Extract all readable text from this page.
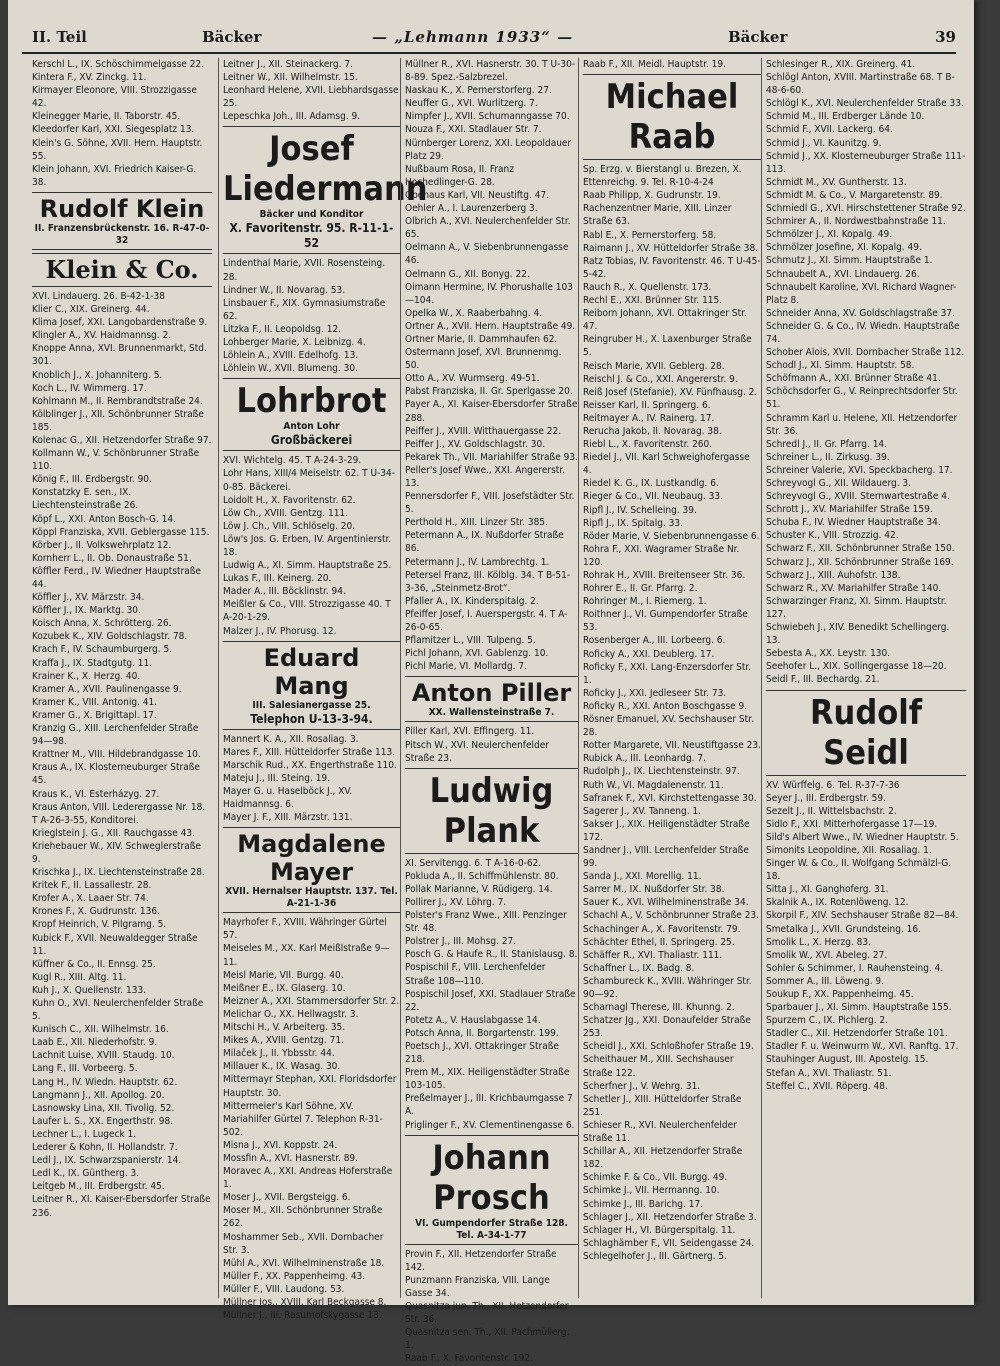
II. Teil	Bäcker	— „Lehmann 1933“ —	Bäcker	39
Kerschl L., IX. Schöschimmelgasse 22.
Kintera F., XV. Zinckg. 11.
Kirmayer Eleonore, VIII. Strozzigasse 42.
Kleinegger Marie, II. Taborstr. 45.
Kleedorfer Karl, XXI. Siegesplatz 13.
Klein's G. Söhne, XVII. Hern. Hauptstr. 55.
Klein Johann, XVI. Friedrich Kaiser-G. 38.
Rudolf Klein
II. Franzensbrückenstr. 16. R-47-0-32
Klein & Co.
XVI. Lindauerg. 26. B-42-1-38
Klier C., XIX. Greinerg. 44.
Klima Josef, XXI. Langobardenstraße 9.
Klingler A., XV. Haidmannsg. 2.
Knoppe Anna, XVI. Brunnenmarkt, Std. 301.
Knoblich J., X. Johanniterg. 5.
Koch L., IV. Wimmerg. 17.
Kohlmann M., II. Rembrandtstraße 24.
Kölblinger J., XII. Schönbrunner Straße 185.
Kolenac G., XII. Hetzendorfer Straße 97.
Kollmann W., V. Schönbrunner Straße 110.
König F., III. Erdbergstr. 90.
Konstatzky E. sen., IX. Liechtensteinstraße 26.
Köpf L., XXI. Anton Bosch-G. 14.
Köppl Franziska, XVII. Geblergasse 115.
Körber J., II. Volkswehrplatz 12.
Kornherr L., II. Ob. Donaustraße 51.
Köffler Ferd., IV. Wiedner Hauptstraße 44.
Köffler J., XV. Märzstr. 34.
Köffler J., IX. Marktg. 30.
Koisch Anna, X. Schrötterg. 26.
Kozubek K., XIV. Goldschlagstr. 78.
Krach F., IV. Schaumburgerg. 5.
Kraffa J., IX. Stadtgutg. 11.
Krainer K., X. Herzg. 40.
Kramer A., XVII. Paulinengasse 9.
Kramer K., VIII. Antonig. 41.
Kramer G., X. Brigittapl. 17.
Kranzig G., XIII. Lerchenfelder Straße 94—98.
Krattner M., VIII. Hildebrandgasse 10.
Kraus A., IX. Klosterneuburger Straße 45.
Kraus K., VI. Esterházyg. 27.
Kraus Anton, VIII. Lederergasse Nr. 18. T A-26-3-55, Konditorei.
Krieglstein J. G., XII. Rauchgasse 43.
Kriehebauer W., XIV. Schweglerstraße 9.
Krischka J., IX. Liechtensteinstraße 28.
Kritek F., II. Lassallestr. 28.
Krofer A., X. Laaer Str. 74.
Krones F., X. Gudrunstr. 136.
Kropf Heinrich, V. Pilgramg. 5.
Kubick F., XVII. Neuwaldegger Straße 11.
Küffner & Co., II. Ennsg. 25.
Kugl R., XIII. Altg. 11.
Kuh J., X. Quellenstr. 133.
Kuhn O., XVI. Neulerchenfelder Straße 5.
Kunisch C., XII. Wilhelmstr. 16.
Laab E., XII. Niederhofstr. 9.
Lachnit Luise, XVIII. Staudg. 10.
Lang F., III. Vorbeerg. 5.
Lang H., IV. Wiedn. Hauptstr. 62.
Langmann J., XII. Apollog. 20.
Lasnowsky Lina, XII. Tivolig. 52.
Laufer L. S., XX. Engerthstr. 98.
Lechner L., I. Lugeck 1.
Lederer & Kohn, II. Hollandstr. 7.
Ledl J., IX. Schwarzspanierstr. 14.
Ledl K., IX. Güntherg. 3.
Leitgeb M., III. Erdbergstr. 45.
Leitner R., XI. Kaiser-Ebersdorfer Straße 236.
Leitner J., XII. Steinackerg. 7.
Leitner W., XII. Wilhelmstr. 15.
Leonhard Helene, XVII. Liebhardsgasse 25.
Lepeschka Joh., III. Adamsg. 9.
Josef Liedermann
Bäcker und Konditor
X. Favoritenstr. 95. R-11-1-52
Lindenthal Marie, XVII. Rosensteing. 28.
Lindner W., II. Novarag. 53.
Linsbauer F., XIX. Gymnasiumstraße 62.
Litzka F., II. Leopoldsg. 12.
Lohberger Marie, X. Leibnizg. 4.
Löhlein A., XVIII. Edelhofg. 13.
Löhlein W., XVII. Blumeng. 30.
Lohrbrot
Anton Lohr
Großbäckerei
XVI. Wichtelg. 45. T A-24-3-29.
Lohr Hans, XIII/4 Meiselstr. 62. T U-34-0-85. Bäckerei.
Loidolt H., X. Favoritenstr. 62.
Löw Ch., XVIII. Gentzg. 111.
Löw J. Ch., VIII. Schlöselg. 20.
Löw's Jos. G. Erben, IV. Argentinierstr. 18.
Ludwig A., XI. Simm. Hauptstraße 25.
Lukas F., III. Keinerg. 20.
Mader A., III. Böcklinstr. 94.
Meißler & Co., VIII. Strozzigasse 40. T A-20-1-29.
Malzer J., IV. Phorusg. 12.
Eduard Mang
III. Salesianergasse 25.
Telephon U-13-3-94.
Mannert K. A., XII. Rosaliag. 3.
Mares F., XIII. Hütteldorfer Straße 113.
Marschik Rud., XX. Engerthstraße 110.
Mateju J., III. Steing. 19.
Mayer G. u. Haselböck J., XV. Haidmannsg. 6.
Mayer J. F., XIII. Märzstr. 131.
Magdalene Mayer
XVII. Hernalser Hauptstr. 137. Tel. A-21-1-36
Mayrhofer F., XVIII. Währinger Gürtel 57.
Meiseles M., XX. Karl Meißlstraße 9—11.
Meisl Marie, VII. Burgg. 40.
Meißner E., IX. Glaserg. 10.
Meizner A., XXI. Stammersdorfer Str. 2.
Melichar O., XX. Hellwagstr. 3.
Mitschi H., V. Arbeiterg. 35.
Mikes A., XVIII. Gentzg. 71.
Milaček J., II. Ybbsstr. 44.
Millauer K., IX. Wasag. 30.
Mittermayr Stephan, XXI. Floridsdorfer Hauptstr. 30.
Mittermeier's Karl Söhne, XV. Mariahilfer Gürtel 7. Telephon R-31-502.
Misna J., XVI. Koppstr. 24.
Mossfin A., XVI. Hasnerstr. 89.
Moravec A., XXI. Andreas Hoferstraße 1.
Moser J., XVII. Bergsteigg. 6.
Moser M., XII. Schönbrunner Straße 262.
Moshammer Seb., XVII. Dornbacher Str. 3.
Mühl A., XVI. Wilhelminenstraße 18.
Müller F., XX. Pappenheimg. 43.
Müller F., VIII. Laudong. 53.
Müllner Jos., XVIII. Karl Beckgasse 8.
Müllner J., III. Rasumofskygasse 13.
Müllner R., XVI. Hasnerstr. 30. T U-30-8-89. Spez.-Salzbrezel.
Naskau K., X. Pernerstorferg. 27.
Neuffer G., XVI. Wurlitzerg. 7.
Nimpfer J., XVII. Schumanngasse 70.
Nouza F., XXI. Stadlauer Str. 7.
Nürnberger Lorenz, XXI. Leopoldauer Platz 29.
Nußbaum Rosa, II. Franz Hochedlinger-G. 28.
Obenaus Karl, VII. Neustiftg. 47.
Oehler A., I. Laurenzerberg 3.
Olbrich A., XVI. Neulerchenfelder Str. 65.
Oelmann A., V. Siebenbrunnengasse 46.
Oelmann G., XII. Bonyg. 22.
Oimann Hermine, IV. Phorushalle 103—104.
Opelka W., X. Raaberbahng. 4.
Ortner A., XVII. Hern. Hauptstraße 49.
Ortner Marie, II. Dammhaufen 62.
Ostermann Josef, XVI. Brunnenmg. 50.
Otto A., XV. Wurmserg. 49-51.
Pabst Franziska, II. Gr. Sperlgasse 20.
Payer A., XI. Kaiser-Ebersdorfer Straße 288.
Peiffer J., XVIII. Witthauergasse 22.
Peiffer J., XV. Goldschlagstr. 30.
Pekarek Th., VII. Mariahilfer Straße 93.
Peller's Josef Wwe., XXI. Angererstr. 13.
Pennersdorfer F., VIII. Josefstädter Str. 5.
Perthold H., XIII. Linzer Str. 385.
Petermann A., IX. Nußdorfer Straße 86.
Petermann J., IV. Lambrechtg. 1.
Petersel Franz, III. Kölblg. 34. T B-51-3-36, „Steinmetz-Brot“.
Pfaller A., IX. Kinderspitalg. 2.
Pfeiffer Josef, I. Auerspergstr. 4. T A-26-0-65.
Pflamitzer L., VIII. Tulpeng. 5.
Pichl Johann, XVI. Gablenzg. 10.
Pichl Marie, VI. Mollardg. 7.
Anton Piller
XX. Wallensteinstraße 7.
Piller Karl, XVI. Effingerg. 11.
Pitsch W., XVI. Neulerchenfelder Straße 23.
Ludwig Plank
XI. Servitengg. 6. T A-16-0-62.
Pokluda A., II. Schiffmühlenstr. 80.
Pollak Marianne, V. Rüdigerg. 14.
Pollirer J., XV. Löhrg. 7.
Polster's Franz Wwe., XIII. Penzinger Str. 48.
Polstrer J., III. Mohsg. 27.
Posch G. & Haufe R., II. Stanislausg. 8.
Pospischil F., VIII. Lerchenfelder Straße 108—110.
Pospischil Josef, XXI. Stadlauer Straße 22.
Potetz A., V. Hauslabgasse 14.
Potsch Anna, II. Borgartenstr. 199.
Poetsch J., XVI. Ottakringer Straße 218.
Prem M., XIX. Heiligenstädter Straße 103-105.
Preßelmayer J., III. Krichbaumgasse 7 A.
Priglinger F., XV. Clementinengasse 6.
Johann Prosch
VI. Gumpendorfer Straße 128. Tel. A-34-1-77
Provin F., XII. Hetzendorfer Straße 142.
Punzmann Franziska, VIII. Lange Gasse 34.
Quasnitza jun. Th., XII. Hetzendorfer Str. 36.
Quasnitza sen. Th., XII. Pachmüllerg. 1.
Raab F., X. Favoritenstr. 192.
Raab F., XII. Meidl. Hauptstr. 19.
Michael Raab
Sp. Erzg. v. Bierstangl u. Brezen, X. Ettenreichg. 9. Tel. R-10-4-24
Raab Philipp, X. Gudrunstr. 19.
Rachenzentner Marie, XIII. Linzer Straße 63.
Rabl E., X. Pernerstorferg. 58.
Raimann J., XV. Hütteldorfer Straße 38.
Ratz Tobias, IV. Favoritenstr. 46. T U-45-5-42.
Rauch R., X. Quellenstr. 173.
Rechl E., XXI. Brünner Str. 115.
Reiborn Johann, XVI. Ottakringer Str. 47.
Reingruber H., X. Laxenburger Straße 5.
Reisch Marie, XVII. Geblerg. 28.
Reischl J. & Co., XXI. Angererstr. 9.
Reiß Josef (Stefanie), XV. Fünfhausg. 2.
Reisser Karl, II. Springerg. 6.
Reitmayer A., IV. Rainerg. 17.
Rerucha Jakob, II. Novarag. 38.
Riebl L., X. Favoritenstr. 260.
Riedel J., VII. Karl Schweighofergasse 4.
Riedel K. G., IX. Lustkandlg. 6.
Rieger & Co., VII. Neubaug. 33.
Ripfl J., IV. Schelleing. 39.
Ripfl J., IX. Spitalg. 33.
Röder Marie, V. Siebenbrunnengasse 6.
Rohra F., XXI. Wagramer Straße Nr. 120.
Rohrak H., XVIII. Breitenseer Str. 36.
Rohrer E., II. Gr. Pfarrg. 2.
Rohringer M., I. Riemerg. 1.
Roithner J., VI. Gumpendorfer Straße 53.
Rosenberger A., III. Lorbeerg. 6.
Roficky A., XXI. Deublerg. 17.
Roficky F., XXI. Lang-Enzersdorfer Str. 1.
Roficky J., XXI. Jedleseer Str. 73.
Roficky R., XXI. Anton Boschgasse 9.
Rösner Emanuel, XV. Sechshauser Str. 28.
Rotter Margarete, VII. Neustiftgasse 23.
Rubick A., III. Leonhardg. 7.
Rudolph J., IX. Liechtensteinstr. 97.
Ruth W., VI. Magdalenenstr. 11.
Safranek F., XVI. Kirchstettengasse 30.
Sagerer J., XV. Tanneng. 1.
Sakser J., XIX. Heiligenstädter Straße 172.
Sandner J., VIII. Lerchenfelder Straße 99.
Sanda J., XXI. Morellig. 11.
Sarrer M., IX. Nußdorfer Str. 38.
Sauer K., XVI. Wilhelminenstraße 34.
Schachl A., V. Schönbrunner Straße 23.
Schachinger A., X. Favoritenstr. 79.
Schächter Ethel, II. Springerg. 25.
Schäffer R., XVI. Thaliastr. 111.
Schaffner L., IX. Badg. 8.
Schambureck K., XVIII. Währinger Str. 90—92.
Scharnagl Therese, III. Khunng. 2.
Schatzer Jg., XXI. Donaufelder Straße 253.
Scheidl J., XXI. Schloßhofer Straße 19.
Scheithauer M., XIII. Sechshauser Straße 122.
Scherfner J., V. Wehrg. 31.
Schetler J., XIII. Hütteldorfer Straße 251.
Schieser R., XVI. Neulerchenfelder Straße 11.
Schillar A., XII. Hetzendorfer Straße 182.
Schimke F. & Co., VII. Burgg. 49.
Schimke J., VII. Hermanng. 10.
Schimke J., III. Barichg. 17.
Schlager J., XII. Hetzendorfer Straße 3.
Schlager H., VI. Bürgerspitalg. 11.
Schlaghämber F., VII. Seidengasse 24.
Schlegelhofer J., III. Gärtnerg. 5.
Schlesinger R., XIX. Greinerg. 41.
Schlögl Anton, XVIII. Martinstraße 68. T B-48-6-60.
Schlögl K., XVI. Neulerchenfelder Straße 33.
Schmid M., III. Erdberger Lände 10.
Schmid F., XVII. Lackerg. 64.
Schmid J., VI. Kaunitzg. 9.
Schmid J., XX. Klosterneuburger Straße 111-113.
Schmidt M., XV. Guntherstr. 13.
Schmidt M. & Co., V. Margaretenstr. 89.
Schmiedl G., XVI. Hirschstettener Straße 92.
Schmirer A., II. Nordwestbahnstraße 11.
Schmölzer J., XI. Kopalg. 49.
Schmölzer Josefine, XI. Kopalg. 49.
Schmutz J., XI. Simm. Hauptstraße 1.
Schnaubelt A., XVI. Lindauerg. 26.
Schnaubelt Karoline, XVI. Richard Wagner-Platz 8.
Schneider Anna, XV. Goldschlagstraße 37.
Schneider G. & Co., IV. Wiedn. Hauptstraße 74.
Schober Alois, XVII. Dornbacher Straße 112.
Schodl J., XI. Simm. Hauptstr. 58.
Schöfmann A., XXI. Brünner Straße 41.
Schöchsdorfer G., V. Reinprechtsdorfer Str. 51.
Schramm Karl u. Helene, XII. Hetzendorfer Str. 36.
Schredl J., II. Gr. Pfarrg. 14.
Schreiner L., II. Zirkusg. 39.
Schreiner Valerie, XVI. Speckbacherg. 17.
Schreyvogl G., XII. Wildauerg. 3.
Schreyvogl G., XVIII. Sternwartestraße 4.
Schrott J., XV. Mariahilfer Straße 159.
Schuba F., IV. Wiedner Hauptstraße 34.
Schuster K., VIII. Strozzig. 42.
Schwarz F., XII. Schönbrunner Straße 150.
Schwarz J., XII. Schönbrunner Straße 169.
Schwarz J., XIII. Auhofstr. 138.
Schwarz R., XV. Mariahilfer Straße 140.
Schwarzinger Franz, XI. Simm. Hauptstr. 127.
Schwiebeh J., XIV. Benedikt Schellingerg. 13.
Sebesta A., XX. Leystr. 130.
Seehofer L., XIX. Sollingergasse 18—20.
Seidl F., III. Bechardg. 21.
Rudolf Seidl
XV. Würffelg. 6. Tel. R-37-7-36
Seyer J., III. Erdbergstr. 59.
Sezelt J., II. Wittelsbachstr. 2.
Sidlo F., XXI. Mitterhofergasse 17—19.
Sild's Albert Wwe., IV. Wiedner Hauptstr. 5.
Simonits Leopoldine, XII. Rosaliag. 1.
Singer W. & Co., II. Wolfgang Schmälzl-G. 18.
Sitta J., XI. Ganghoferg. 31.
Skalnik A., IX. Rotenlöweng. 12.
Skorpil F., XIV. Sechshauser Straße 82—84.
Smetalka J., XVII. Grundsteing. 16.
Smolik L., X. Herzg. 83.
Smolik W., XVI. Abeleg. 27.
Sohler & Schimmer, I. Rauhensteing. 4.
Sommer A., III. Löweng. 9.
Soukup F., XX. Pappenheimg. 45.
Sparbauer J., XI. Simm. Hauptstraße 155.
Spurzem C., IX. Pichlerg. 2.
Stadler C., XII. Hetzendorfer Straße 101.
Stadler F. u. Weinwurm W., XVI. Ranftg. 17.
Stauhinger August, III. Apostelg. 15.
Stefan A., XVI. Thaliastr. 51.
Steffel C., XVII. Röperg. 48.
